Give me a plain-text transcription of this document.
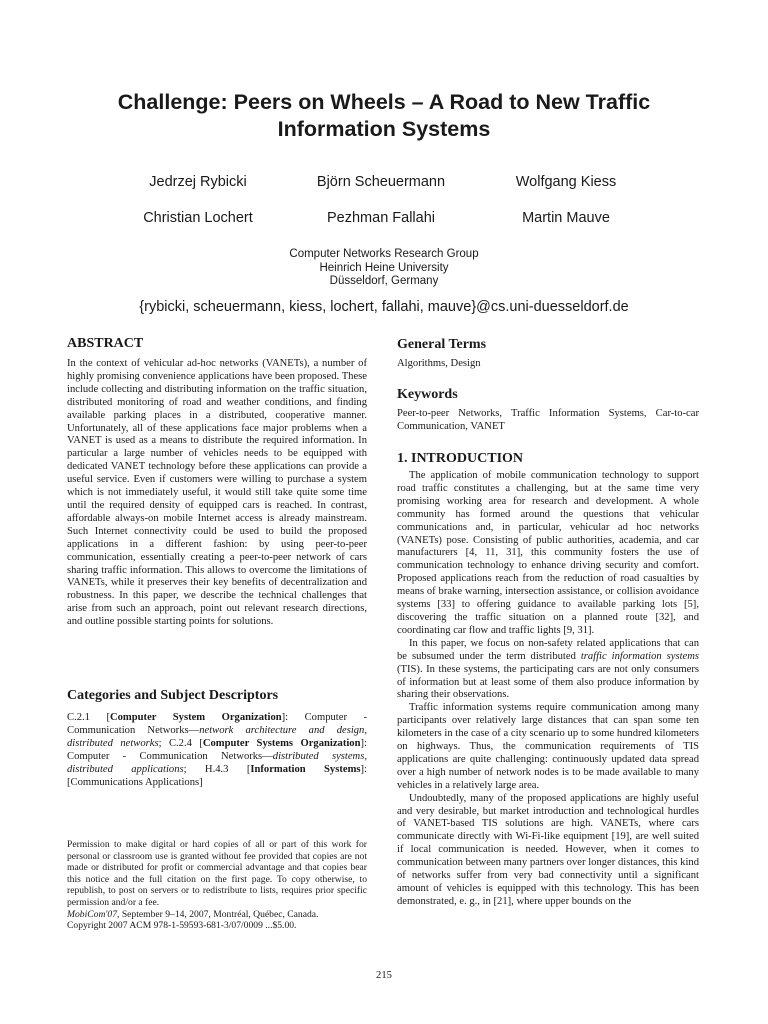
Challenge: Peers on Wheels – A Road to New Traffic Information Systems
Jedrzej Rybicki	Björn Scheuermann	Wolfgang Kiess
Christian Lochert	Pezhman Fallahi	Martin Mauve
Computer Networks Research Group
Heinrich Heine University
Düsseldorf, Germany
{rybicki, scheuermann, kiess, lochert, fallahi, mauve}@cs.uni-duesseldorf.de
ABSTRACT

In the context of vehicular ad-hoc networks (VANETs), a number of highly promising convenience applications have been proposed. These include collecting and distributing information on the traffic situation, distributed monitoring of road and weather conditions, and finding available parking places in a distributed, cooperative manner. Unfortunately, all of these applications face major problems when a VANET is used as a means to distribute the required information. In particular a large number of vehicles needs to be equipped with dedicated VANET technology before these applications can provide a useful service. Even if customers were willing to purchase a system which is not immediately useful, it would still take quite some time until the required density of equipped cars is reached. In contrast, affordable always-on mobile Internet access is already mainstream. Such Internet connectivity could be used to build the proposed applications in a different fashion: by using peer-to-peer communication, essentially creating a peer-to-peer network of cars sharing traffic information. This allows to overcome the limitations of VANETs, while it preserves their key benefits of decentralization and robustness. In this paper, we describe the technical challenges that arise from such an approach, point out relevant research directions, and outline possible starting points for solutions.

Categories and Subject Descriptors

C.2.1 [Computer System Organization]: Computer - Communication Networks—network architecture and design, distributed networks; C.2.4 [Computer Systems Organization]: Computer - Communication Networks—distributed systems, distributed applications; H.4.3 [Information Systems]: [Communications Applications]

Permission to make digital or hard copies of all or part of this work for personal or classroom use is granted without fee provided that copies are not made or distributed for profit or commercial advantage and that copies bear this notice and the full citation on the first page. To copy otherwise, to republish, to post on servers or to redistribute to lists, requires prior specific permission and/or a fee.

MobiCom'07, September 9–14, 2007, Montréal, Québec, Canada.
Copyright 2007 ACM 978-1-59593-681-3/07/0009 ...$5.00.
General Terms

Algorithms, Design

Keywords

Peer-to-peer Networks, Traffic Information Systems, Car-to-car Communication, VANET

1. INTRODUCTION

The application of mobile communication technology to support road traffic constitutes a challenging, but at the same time very promising working area for research and development. A whole community has formed around the questions that vehicular communications and, in particular, vehicular ad hoc networks (VANETs) pose. Consisting of public authorities, academia, and car manufacturers [4, 11, 31], this community fosters the use of communication technology to enhance driving security and comfort. Proposed applications reach from the reduction of road casualties by means of brake warning, intersection assistance, or collision avoidance systems [33] to offering guidance to available parking lots [5], discovering the traffic situation on a planned route [32], and coordinating car flow and traffic lights [9, 31].

In this paper, we focus on non-safety related applications that can be subsumed under the term distributed traffic information systems (TIS). In these systems, the participating cars are not only consumers of information but at least some of them also produce information by sharing their observations.

Traffic information systems require communication among many participants over relatively large distances that can span some ten kilometers in the case of a city scenario up to some hundred kilometers on highways. Thus, the communication requirements of TIS applications are quite challenging: continuously updated data spread over a high number of network nodes is to be made available to many vehicles in a relatively large area.

Undoubtedly, many of the proposed applications are highly useful and very desirable, but market introduction and technological hurdles of VANET-based TIS solutions are high. VANETs, where cars communicate directly with Wi-Fi-like equipment [19], are well suited if local communication is needed. However, when it comes to communication between many partners over longer distances, this kind of networks suffer from very bad connectivity until a significant amount of vehicles is equipped with this technology. This has been demonstrated, e. g., in [21], where upper bounds on the

215
